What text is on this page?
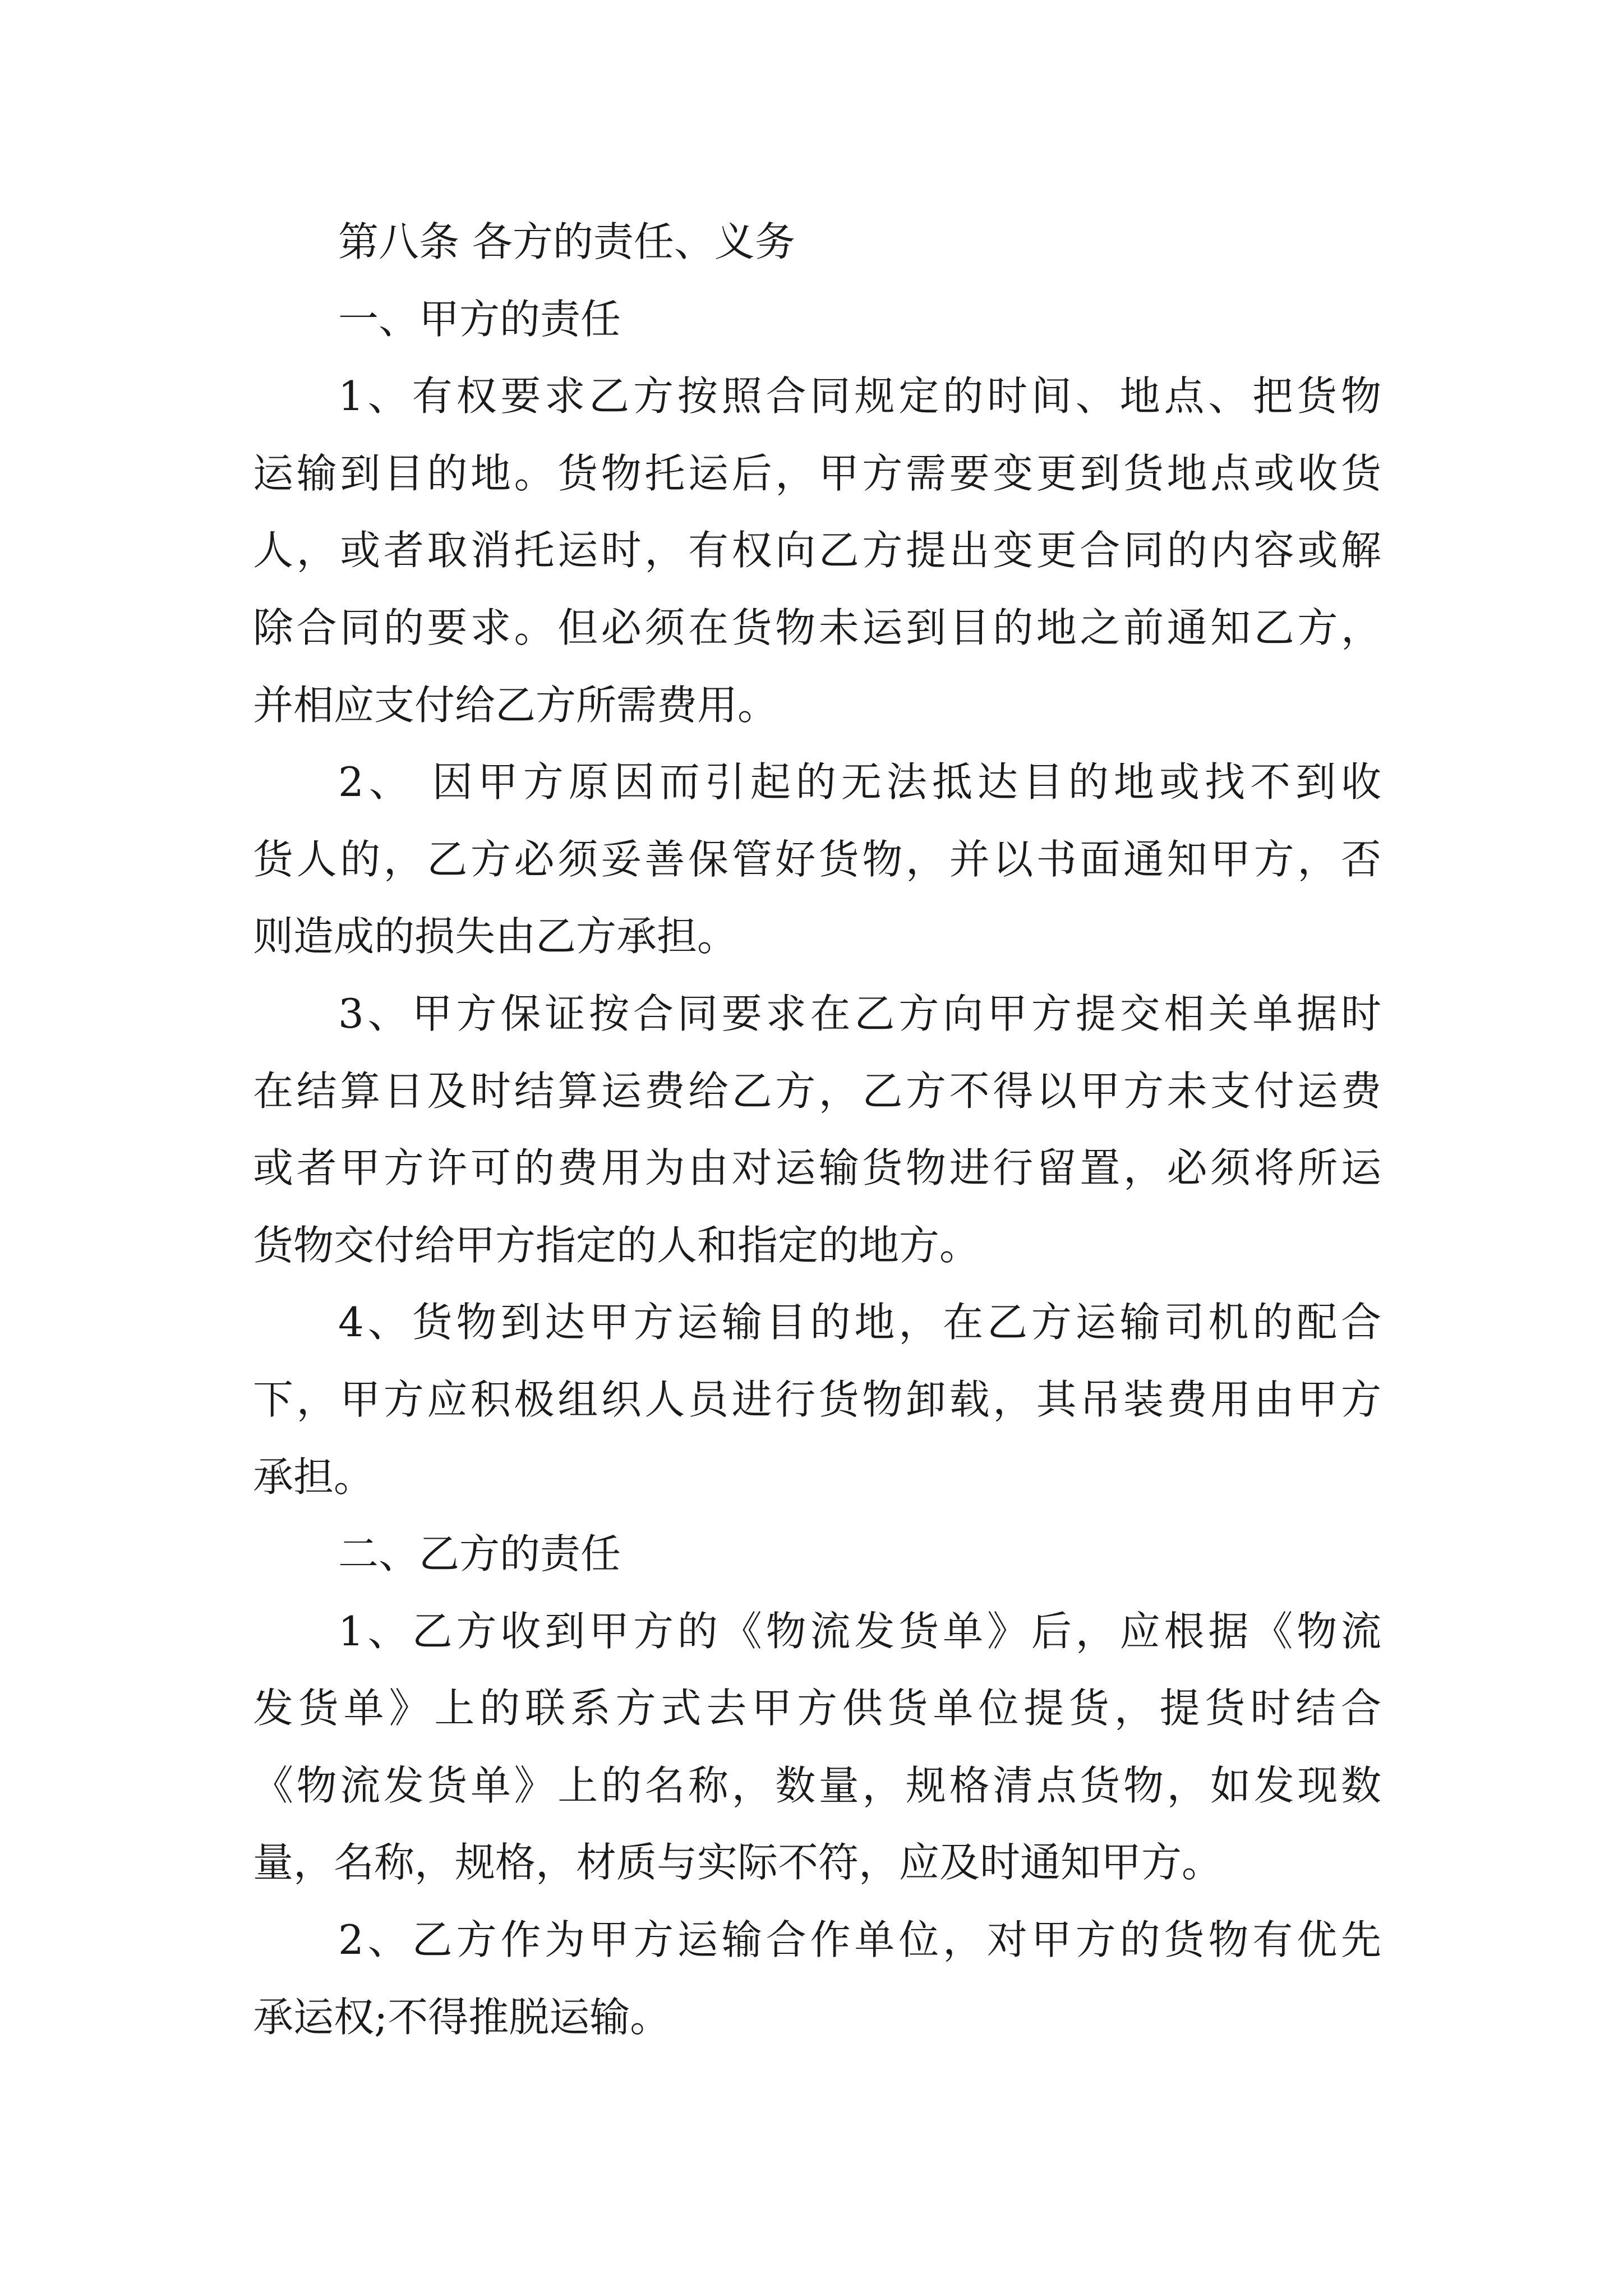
第八条 各方的责任、义务
一、甲方的责任
1、有权要求乙方按照合同规定的时间、地点、把货物
运输到目的地。货物托运后，甲方需要变更到货地点或收货
人，或者取消托运时，有权向乙方提出变更合同的内容或解
除合同的要求。但必须在货物未运到目的地之前通知乙方，
并相应支付给乙方所需费用。
2、 因甲方原因而引起的无法抵达目的地或找不到收
货人的，乙方必须妥善保管好货物，并以书面通知甲方，否
则造成的损失由乙方承担。
3、甲方保证按合同要求在乙方向甲方提交相关单据时
在结算日及时结算运费给乙方，乙方不得以甲方未支付运费
或者甲方许可的费用为由对运输货物进行留置，必须将所运
货物交付给甲方指定的人和指定的地方。
4、货物到达甲方运输目的地，在乙方运输司机的配合
下，甲方应积极组织人员进行货物卸载，其吊装费用由甲方
承担。
二、乙方的责任
1、乙方收到甲方的《物流发货单》后，应根据《物流
发货单》上的联系方式去甲方供货单位提货，提货时结合
《物流发货单》上的名称，数量，规格清点货物，如发现数
量，名称，规格，材质与实际不符，应及时通知甲方。
2、乙方作为甲方运输合作单位，对甲方的货物有优先
承运权;不得推脱运输。
